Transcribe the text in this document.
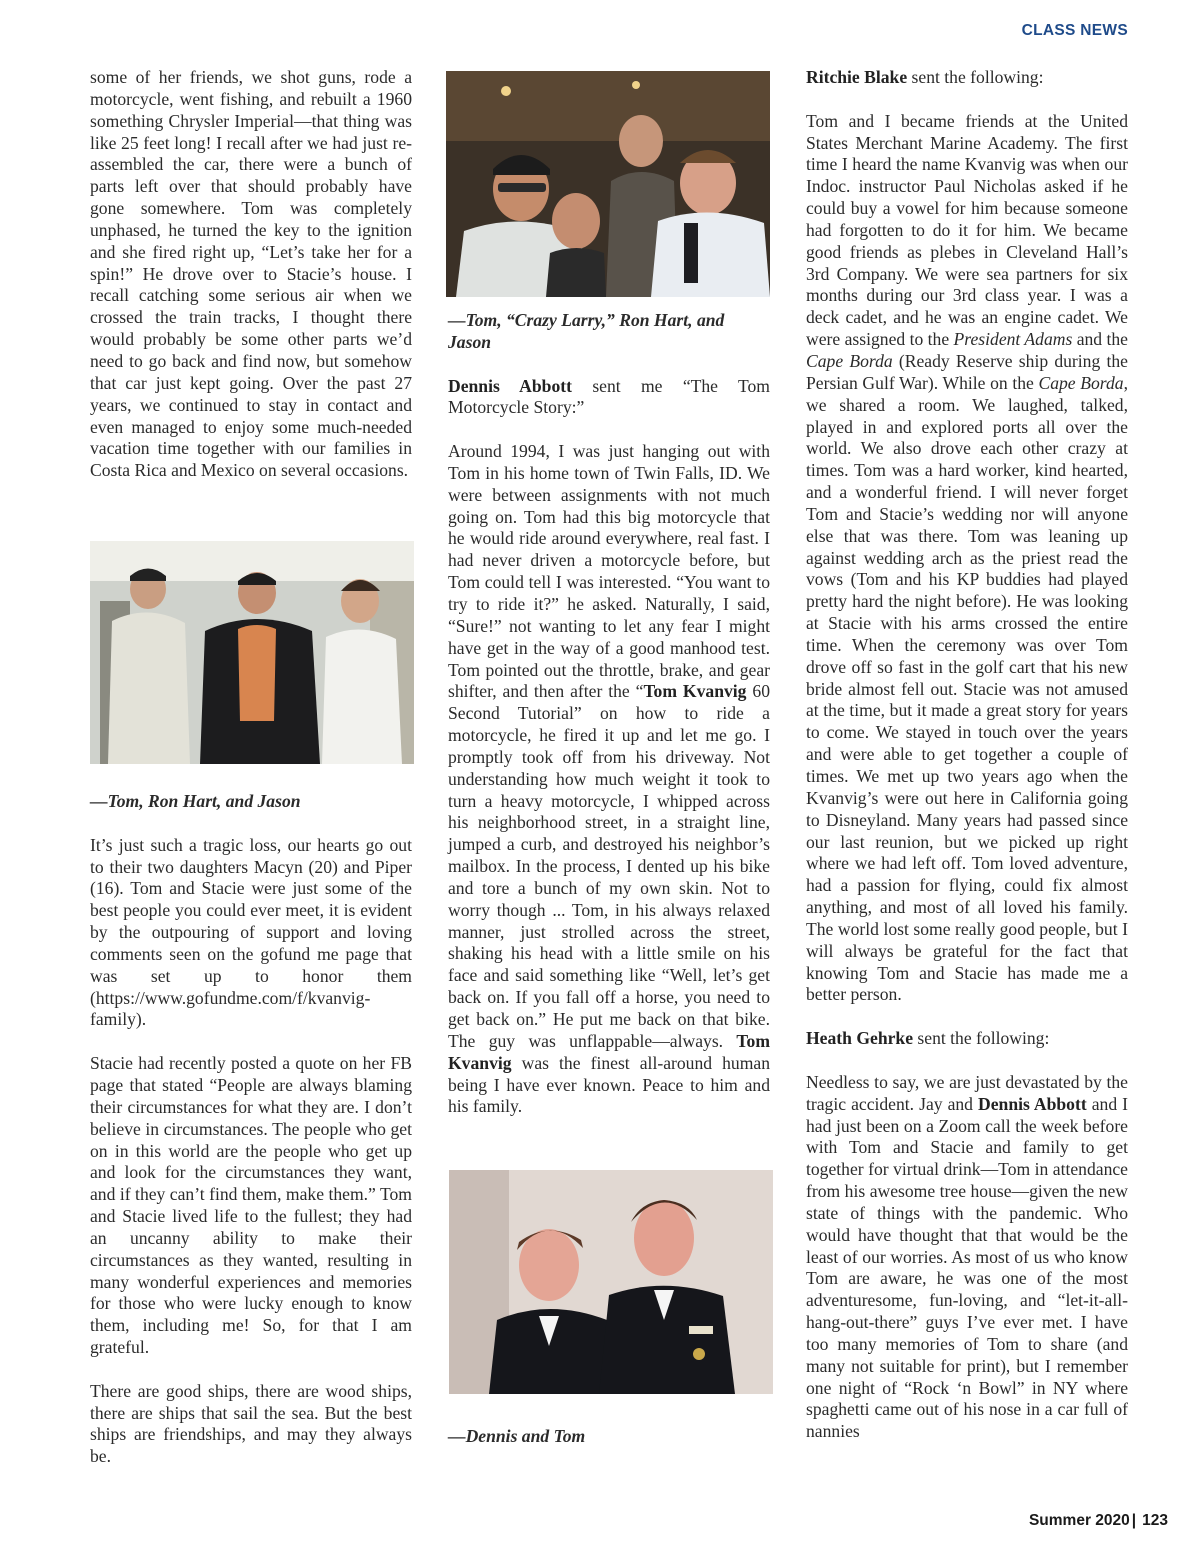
CLASS NEWS

some of her friends, we shot guns, rode a motorcycle, went fishing, and rebuilt a 1960 something Chrysler Imperial—that thing was like 25 feet long! I recall after we had just re-assembled the car, there were a bunch of parts left over that should probably have gone somewhere. Tom was completely unphased, he turned the key to the ignition and she fired right up, “Let’s take her for a spin!” He drove over to Stacie’s house. I recall catching some serious air when we crossed the train tracks, I thought there would probably be some other parts we’d need to go back and find now, but somehow that car just kept going. Over the past 27 years, we continued to stay in contact and even managed to enjoy some much-needed vacation time together with our families in Costa Rica and Mexico on several occasions.

—Tom, Ron Hart, and Jason

It’s just such a tragic loss, our hearts go out to their two daughters Macyn (20) and Piper (16). Tom and Stacie were just some of the best people you could ever meet, it is evident by the outpouring of support and loving comments seen on the gofund me page that was set up to honor them (https://www.gofundme.com/f/kvanvig-family).

Stacie had recently posted a quote on her FB page that stated “People are always blaming their circumstances for what they are. I don’t believe in circumstances. The people who get on in this world are the people who get up and look for the circumstances they want, and if they can’t find them, make them.” Tom and Stacie lived life to the fullest; they had an uncanny ability to make their circumstances as they wanted, resulting in many wonderful experiences and memories for those who were lucky enough to know them, including me! So, for that I am grateful.

There are good ships, there are wood ships, there are ships that sail the sea. But the best ships are friendships, and may they always be.

—Tom, “Crazy Larry,” Ron Hart, and Jason

Dennis Abbott sent me “The Tom Motorcycle Story:”

Around 1994, I was just hanging out with Tom in his home town of Twin Falls, ID. We were between assignments with not much going on. Tom had this big motorcycle that he would ride around everywhere, real fast. I had never driven a motorcycle before, but Tom could tell I was interested. “You want to try to ride it?” he asked. Naturally, I said, “Sure!” not wanting to let any fear I might have get in the way of a good manhood test. Tom pointed out the throttle, brake, and gear shifter, and then after the “Tom Kvanvig 60 Second Tutorial” on how to ride a motorcycle, he fired it up and let me go. I promptly took off from his driveway. Not understanding how much weight it took to turn a heavy motorcycle, I whipped across his neighborhood street, in a straight line, jumped a curb, and destroyed his neighbor’s mailbox. In the process, I dented up his bike and tore a bunch of my own skin. Not to worry though ... Tom, in his always relaxed manner, just strolled across the street, shaking his head with a little smile on his face and said something like “Well, let’s get back on. If you fall off a horse, you need to get back on.” He put me back on that bike. The guy was unflappable—always. Tom Kvanvig was the finest all-around human being I have ever known. Peace to him and his family.

—Dennis and Tom

Ritchie Blake sent the following:

Tom and I became friends at the United States Merchant Marine Academy. The first time I heard the name Kvanvig was when our Indoc. instructor Paul Nicholas asked if he could buy a vowel for him because someone had forgotten to do it for him. We became good friends as plebes in Cleveland Hall’s 3rd Company. We were sea partners for six months during our 3rd class year. I was a deck cadet, and he was an engine cadet. We were assigned to the President Adams and the Cape Borda (Ready Reserve ship during the Persian Gulf War). While on the Cape Borda, we shared a room. We laughed, talked, played in and explored ports all over the world. We also drove each other crazy at times. Tom was a hard worker, kind hearted, and a wonderful friend. I will never forget Tom and Stacie’s wedding nor will anyone else that was there. Tom was leaning up against wedding arch as the priest read the vows (Tom and his KP buddies had played pretty hard the night before). He was looking at Stacie with his arms crossed the entire time. When the ceremony was over Tom drove off so fast in the golf cart that his new bride almost fell out. Stacie was not amused at the time, but it made a great story for years to come. We stayed in touch over the years and were able to get together a couple of times. We met up two years ago when the Kvanvig’s were out here in California going to Disneyland. Many years had passed since our last reunion, but we picked up right where we had left off. Tom loved adventure, had a passion for flying, could fix almost anything, and most of all loved his family. The world lost some really good people, but I will always be grateful for the fact that knowing Tom and Stacie has made me a better person.

Heath Gehrke sent the following:

Needless to say, we are just devastated by the tragic accident. Jay and Dennis Abbott and I had just been on a Zoom call the week before with Tom and Stacie and family to get together for virtual drink—Tom in attendance from his awesome tree house—given the new state of things with the pandemic. Who would have thought that that would be the least of our worries. As most of us who know Tom are aware, he was one of the most adventuresome, fun-loving, and “let-it-all-hang-out-there” guys I’ve ever met. I have too many memories of Tom to share (and many not suitable for print), but I remember one night of “Rock ‘n Bowl” in NY where spaghetti came out of his nose in a car full of nannies

Summer 2020 | 123
